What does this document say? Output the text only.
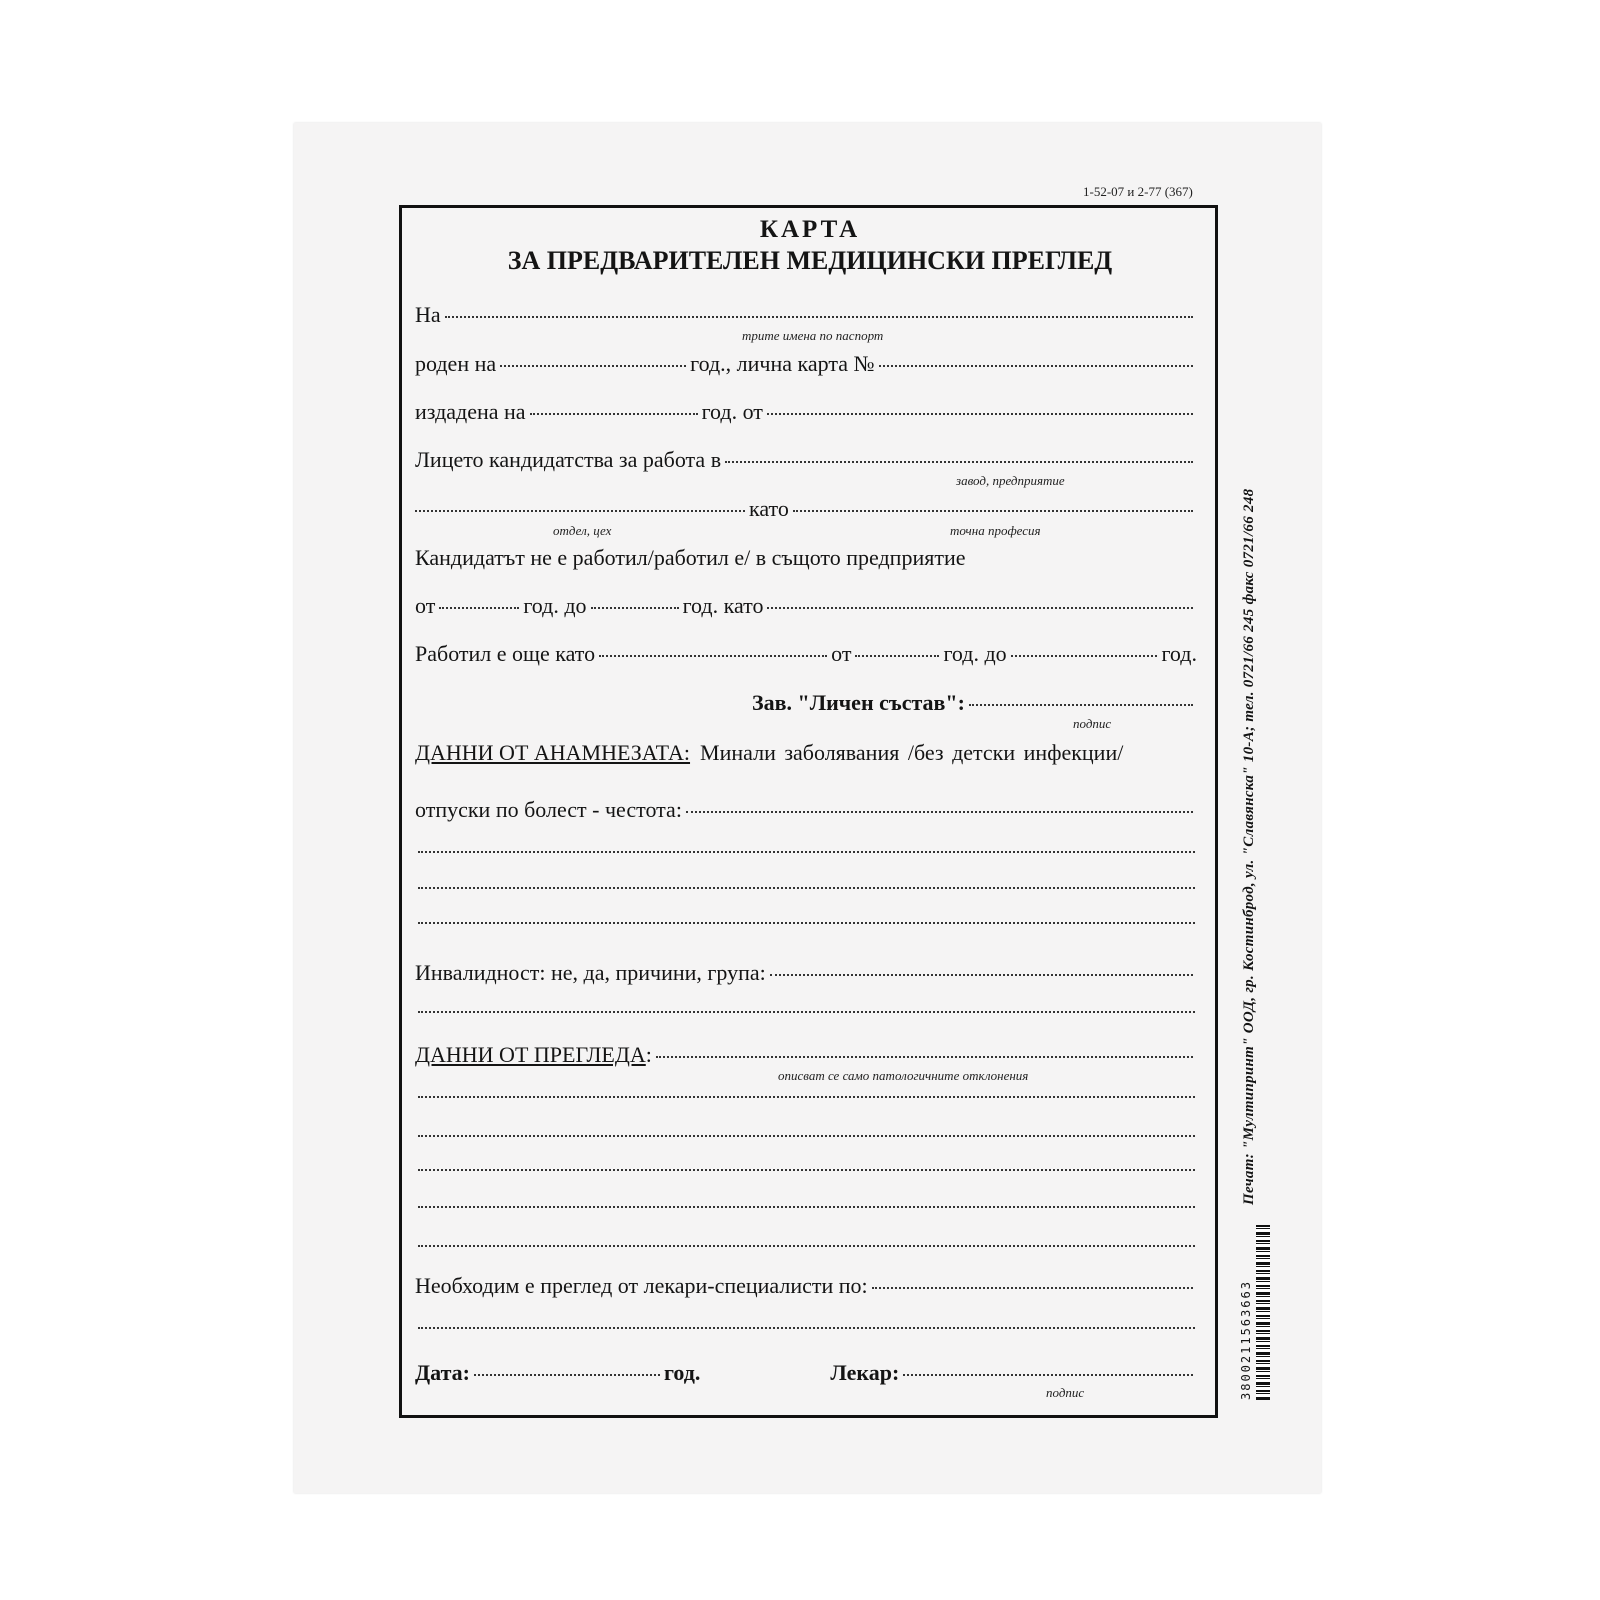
1-52-07 и 2-77 (367)
КАРТА
ЗА ПРЕДВАРИТЕЛЕН МЕДИЦИНСКИ ПРЕГЛЕД
На
трите имена по паспорт
роден на	год., лична карта №
издадена на	год. от
Лицето кандидатства за работа в
завод, предприятие
като
отдел, цех	точна професия
Кандидатът не е работил/работил е/ в същото предприятие
от	год. до	год. като
Работил е още като	от	год. до	год.
Зав. "Личен състав":
подпис
ДАННИ ОТ АНАМНЕЗАТА: Минали заболявания /без детски инфекции/
отпуски по болест - честота:
Инвалидност: не, да, причини, група:
ДАННИ ОТ ПРЕГЛЕДА :
описват се само патологичните отклонения
Необходим е преглед от лекари-специалисти по:
Дата:	год.	Лекар:
подпис
Печат: "Мултипринт" ООД, гр. Костинброд, ул. "Славянска" 10-А; тел. 0721/66 245 факс 0721/66 248
3800211563663
